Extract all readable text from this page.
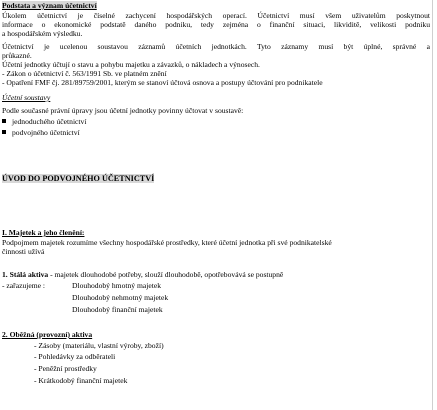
Podstata a význam účetnictví
Úkolem účetnictví je číselné zachycení hospodářských operací. Účetnictví musí všem uživatelům poskytnout
informace o ekonomické podstatě daného podniku, tedy zejména o finanční situaci, likviditě, velikosti podniku
a hospodářském výsledku.
Účetnictví je ucelenou soustavou záznamů účetních jednotkách. Tyto záznamy musí být úplné, správné a
průkazné.
Účetní jednotky účtují o stavu a pohybu majetku a závazků, o nákladech a výnosech.
- Zákon o účetnictví č. 563/1991 Sb. ve platném znění
- Opatření FMF čj. 281/89759/2001, kterým se stanoví účtová osnova a postupy účtování pro podnikatele
Účetní soustavy
Podle současné právní úpravy jsou účetní jednotky povinny účtovat v soustavě:
jednoduchého účetnictví
podvojného účetnictví
ÚVOD DO PODVOJNÉHO ÚČETNICTVÍ
I. Majetek a jeho členění:
Podpojmem majetek rozumíme všechny hospodářské prostředky, které účetní jednotka při své podnikatelské
činnosti užívá
1. Stálá aktiva - majetek dlouhodobé potřeby, slouží dlouhodobě, opotřebovává se postupně
- zařazujeme :	Dlouhodobý hmotný majetek
Dlouhodobý nehmotný majetek
Dlouhodobý finanční majetek
2. Oběžná (provozní) aktiva
- Zásoby (materiálu, vlastní výroby, zboží)
- Pohledávky za odběrateli
- Peněžní prostředky
- Krátkodobý finanční majetek
